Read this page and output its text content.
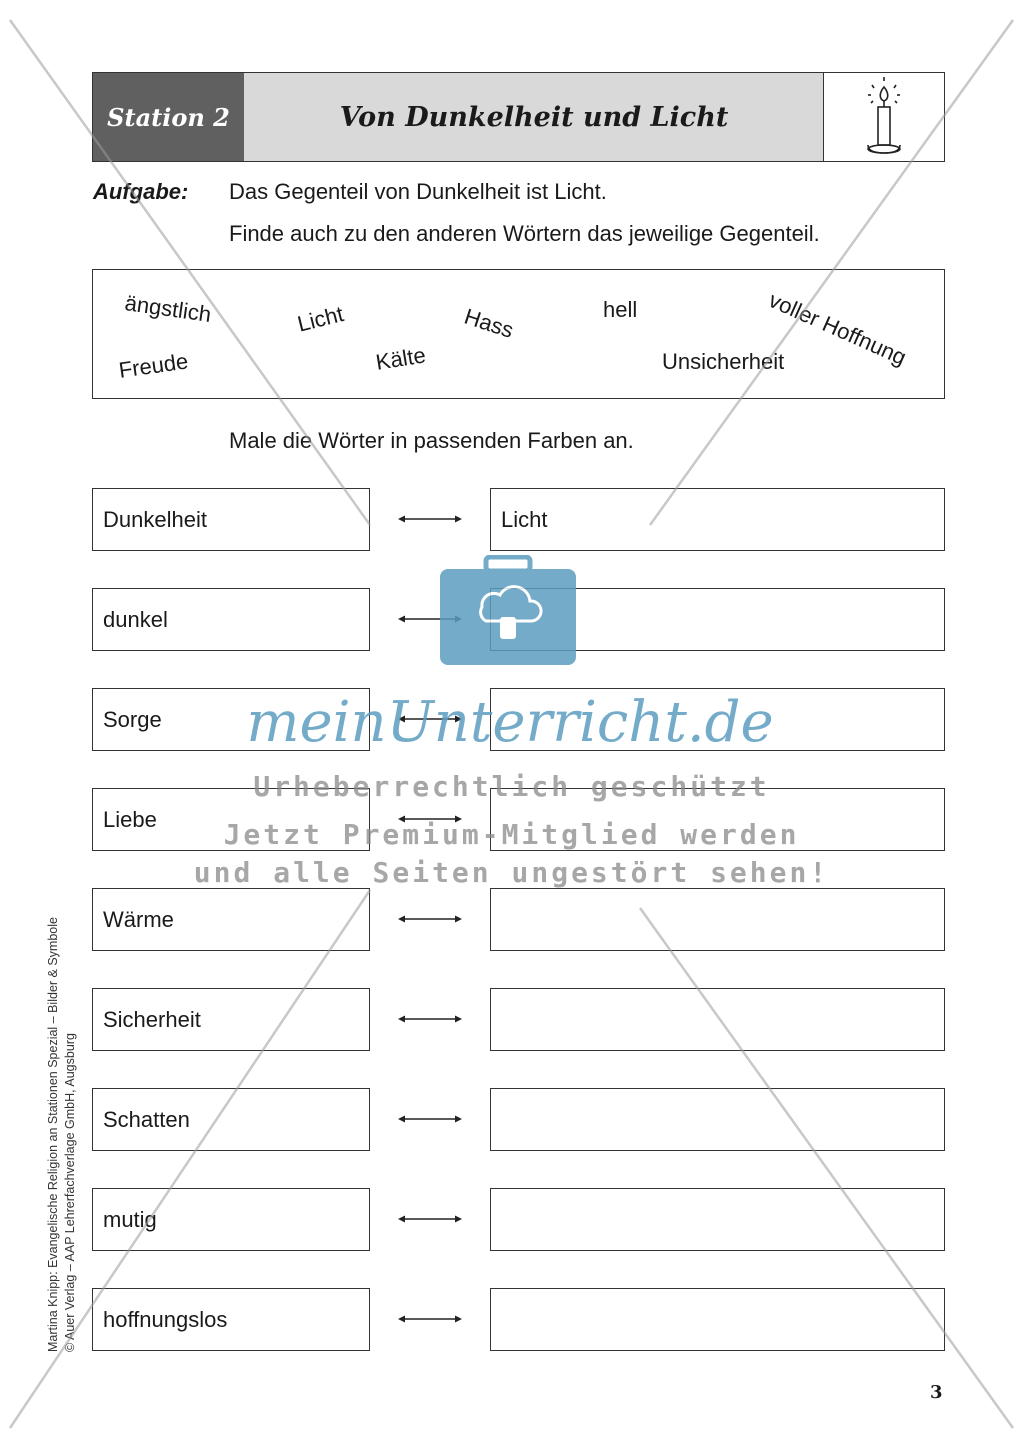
Station 2	Von Dunkelheit und Licht
Aufgabe: Das Gegenteil von Dunkelheit ist Licht.
Finde auch zu den anderen Wörtern das jeweilige Gegenteil.
ängstlich	Licht	Hass	hell	voller Hoffnung
Freude	Kälte	Unsicherheit
Male die Wörter in passenden Farben an.
Dunkelheit	Licht
dunkel
Sorge
Liebe
Wärme
Sicherheit
Schatten
mutig
hoffnungslos
Martina Knipp: Evangelische Religion an Stationen Spezial – Bilder & Symbole © Auer Verlag – AAP Lehrerfachverlage GmbH, Augsburg
3
meinUnterricht.de
Urheberrechtlich geschützt
Jetzt Premium-Mitglied werden
und alle Seiten ungestört sehen!
